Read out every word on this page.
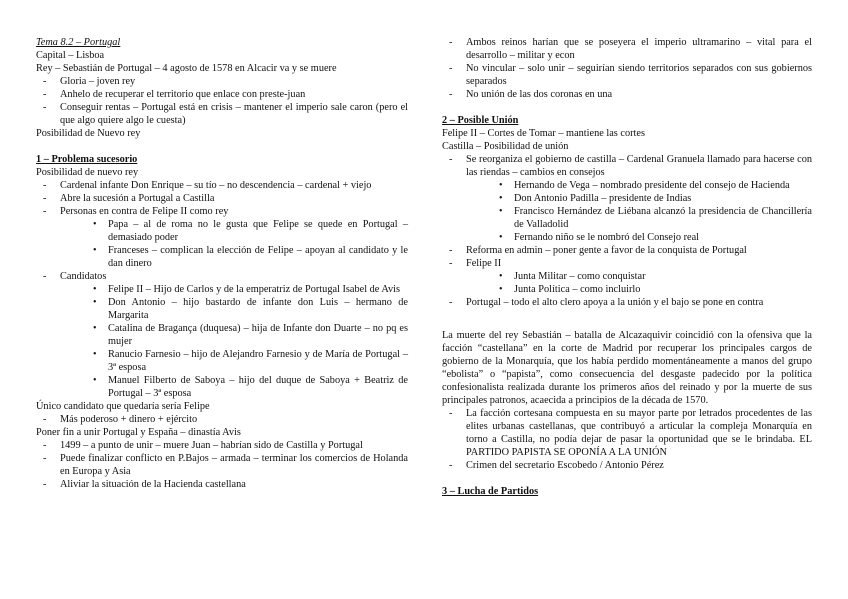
Tema 8.2 – Portugal

Capital – Lisboa

Rey – Sebastián de Portugal – 4 agosto de 1578 en Alcacir va y se muere

- Gloria – joven rey

- Anhelo de recuperar el territorio que enlace con preste-juan

- Conseguir rentas – Portugal está en crisis – mantener el imperio sale caron (pero el que algo quiere algo le cuesta)

Posibilidad de Nuevo rey

1 – Problema sucesorio

Posibilidad de nuevo rey

- Cardenal infante Don Enrique – su tío – no descendencia – cardenal + viejo

- Abre la sucesión a Portugal a Castilla

- Personas en contra de Felipe II como rey

• Papa – al de roma no le gusta que Felipe se quede en Portugal – demasiado poder

• Franceses – complican la elección de Felipe – apoyan al candidato y le dan dinero

- Candidatos

• Felipe II – Hijo de Carlos y de la emperatriz de Portugal Isabel de Avis

• Don Antonio – hijo bastardo de infante don Luis – hermano de Margarita

• Catalina de Bragança (duquesa) – hija de Infante don Duarte – no pq es mujer

• Ranucio Farnesio – hijo de Alejandro Farnesio y de María de Portugal – 3ª esposa

• Manuel Filberto de Saboya – hijo del duque de Saboya + Beatriz de Portugal – 3ª esposa

Único candidato que quedaría sería Felipe

- Más poderoso + dinero + ejército

Poner fin a unir Portugal y España – dinastía Avis

- 1499 – a punto de unir – muere Juan – habrían sido de Castilla y Portugal

- Puede finalizar conflicto en P.Bajos – armada – terminar los comercios de Holanda en Europa y Asia

- Aliviar la situación de la Hacienda castellana

- Ambos reinos harían que se poseyera el imperio ultramarino – vital para el desarrollo – militar y econ

- No vincular – solo unir – seguirían siendo territorios separados con sus gobiernos separados

- No unión de las dos coronas en una

2 – Posible Unión

Felipe II – Cortes de Tomar – mantiene las cortes

Castilla – Posibilidad de unión

- Se reorganiza el gobierno de castilla – Cardenal Granuela llamado para hacerse con las riendas – cambios en consejos

• Hernando de Vega – nombrado presidente del consejo de Hacienda

• Don Antonio Padilla – presidente de Indias

• Francisco Hernández de Liébana alcanzó la presidencia de Chancillería de Valladolid

• Fernando niño se le nombró del Consejo real

- Reforma en admin – poner gente a favor de la conquista de Portugal

- Felipe II

• Junta Militar – como conquistar

• Junta Política – como incluirlo

- Portugal – todo el alto clero apoya a la unión y el bajo se pone en contra

La muerte del rey Sebastián – batalla de Alcazaquivir coincidió con la ofensiva que la facción “castellana” en la corte de Madrid por recuperar los principales cargos de gobierno de la Monarquía, que los había perdido momentáneamente a manos del grupo “ebolista” o “papista”, como consecuencia del desgaste padecido por la política confesionalista realizada durante los primeros años del reinado y por la muerte de sus principales patronos, acaecida a principios de la década de 1570.

- La facción cortesana compuesta en su mayor parte por letrados procedentes de las elites urbanas castellanas, que contribuyó a articular la compleja Monarquía en torno a Castilla, no podía dejar de pasar la oportunidad que se le brindaba. EL PARTIDO PAPISTA SE OPONÍA A LA UNIÓN

- Crimen del secretario Escobedo / Antonio Pérez

3 – Lucha de Partidos
